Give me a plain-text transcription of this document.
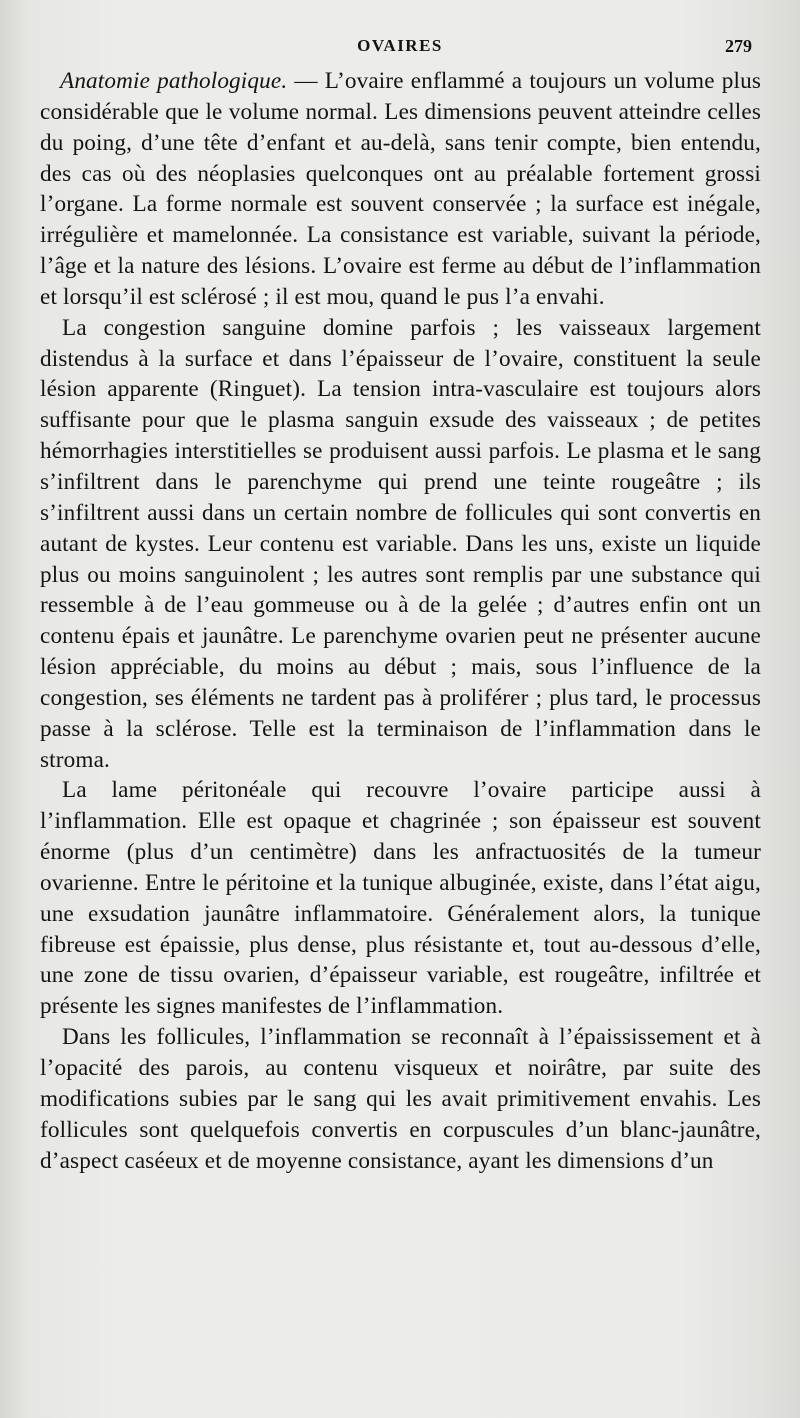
OVAIRES	279

Anatomie pathologique. — L’ovaire enflammé a toujours un volume plus considérable que le volume normal. Les dimensions peuvent atteindre celles du poing, d’une tête d’enfant et au-delà, sans tenir compte, bien entendu, des cas où des néoplasies quelconques ont au préalable fortement grossi l’organe. La forme normale est souvent conservée ; la surface est inégale, irrégulière et mamelonnée. La consistance est variable, suivant la période, l’âge et la nature des lésions. L’ovaire est ferme au début de l’inflammation et lorsqu’il est sclérosé ; il est mou, quand le pus l’a envahi.

La congestion sanguine domine parfois ; les vaisseaux largement distendus à la surface et dans l’épaisseur de l’ovaire, constituent la seule lésion apparente (Ringuet). La tension intra-vasculaire est toujours alors suffisante pour que le plasma sanguin exsude des vaisseaux ; de petites hémorrhagies interstitielles se produisent aussi parfois. Le plasma et le sang s’infiltrent dans le parenchyme qui prend une teinte rougeâtre ; ils s’infiltrent aussi dans un certain nombre de follicules qui sont convertis en autant de kystes. Leur contenu est variable. Dans les uns, existe un liquide plus ou moins sanguinolent ; les autres sont remplis par une substance qui ressemble à de l’eau gommeuse ou à de la gelée ; d’autres enfin ont un contenu épais et jaunâtre. Le parenchyme ovarien peut ne présenter aucune lésion appréciable, du moins au début ; mais, sous l’influence de la congestion, ses éléments ne tardent pas à proliférer ; plus tard, le processus passe à la sclérose. Telle est la terminaison de l’inflammation dans le stroma.

La lame péritonéale qui recouvre l’ovaire participe aussi à l’inflammation. Elle est opaque et chagrinée ; son épaisseur est souvent énorme (plus d’un centimètre) dans les anfractuosités de la tumeur ovarienne. Entre le péritoine et la tunique albuginée, existe, dans l’état aigu, une exsudation jaunâtre inflammatoire. Généralement alors, la tunique fibreuse est épaissie, plus dense, plus résistante et, tout au-dessous d’elle, une zone de tissu ovarien, d’épaisseur variable, est rougeâtre, infiltrée et présente les signes manifestes de l’inflammation.

Dans les follicules, l’inflammation se reconnaît à l’épaississement et à l’opacité des parois, au contenu visqueux et noirâtre, par suite des modifications subies par le sang qui les avait primitivement envahis. Les follicules sont quelquefois convertis en corpuscules d’un blanc-jaunâtre, d’aspect caséeux et de moyenne consistance, ayant les dimensions d’un
